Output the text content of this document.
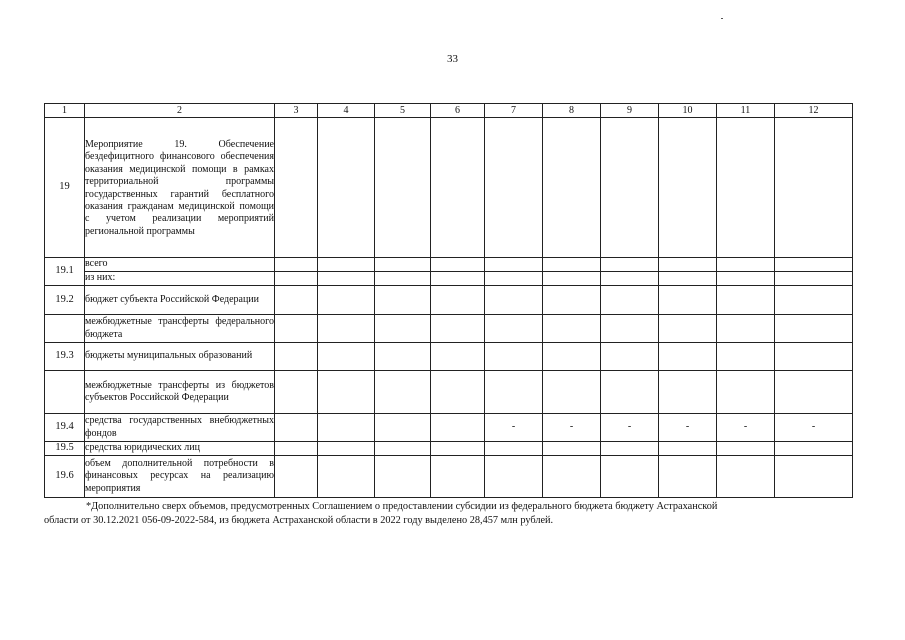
33
1	2	3	4	5	6	7	8	9	10	11	12
19	Мероприятие 19. Обеспечение бездефицитного финансового обеспечения оказания медицинской помощи в рамках территориальной программы государственных гарантий бесплатного оказания гражданам медицинской помощи с учетом реализации мероприятий региональной программы										

19.1	всего										

	из них:										

19.2	бюджет субъекта Российской Федерации										

	межбюджетные трансферты федерального бюджета										

19.3	бюджеты муниципальных образований										

	межбюджетные трансферты из бюджетов субъектов Российской Федерации										

19.4	средства государственных внебюджетных фондов					-	-	-	-	-	-
19.5	средства юридических лиц										

19.6	объем дополнительной потребности в финансовых ресурсах на реализацию мероприятия										

*Дополнительно сверх объемов, предусмотренных Соглашением о предоставлении субсидии из федерального бюджета бюджету Астраханской
области от 30.12.2021 056-09-2022-584, из бюджета Астраханской области в 2022 году выделено 28,457 млн рублей.
